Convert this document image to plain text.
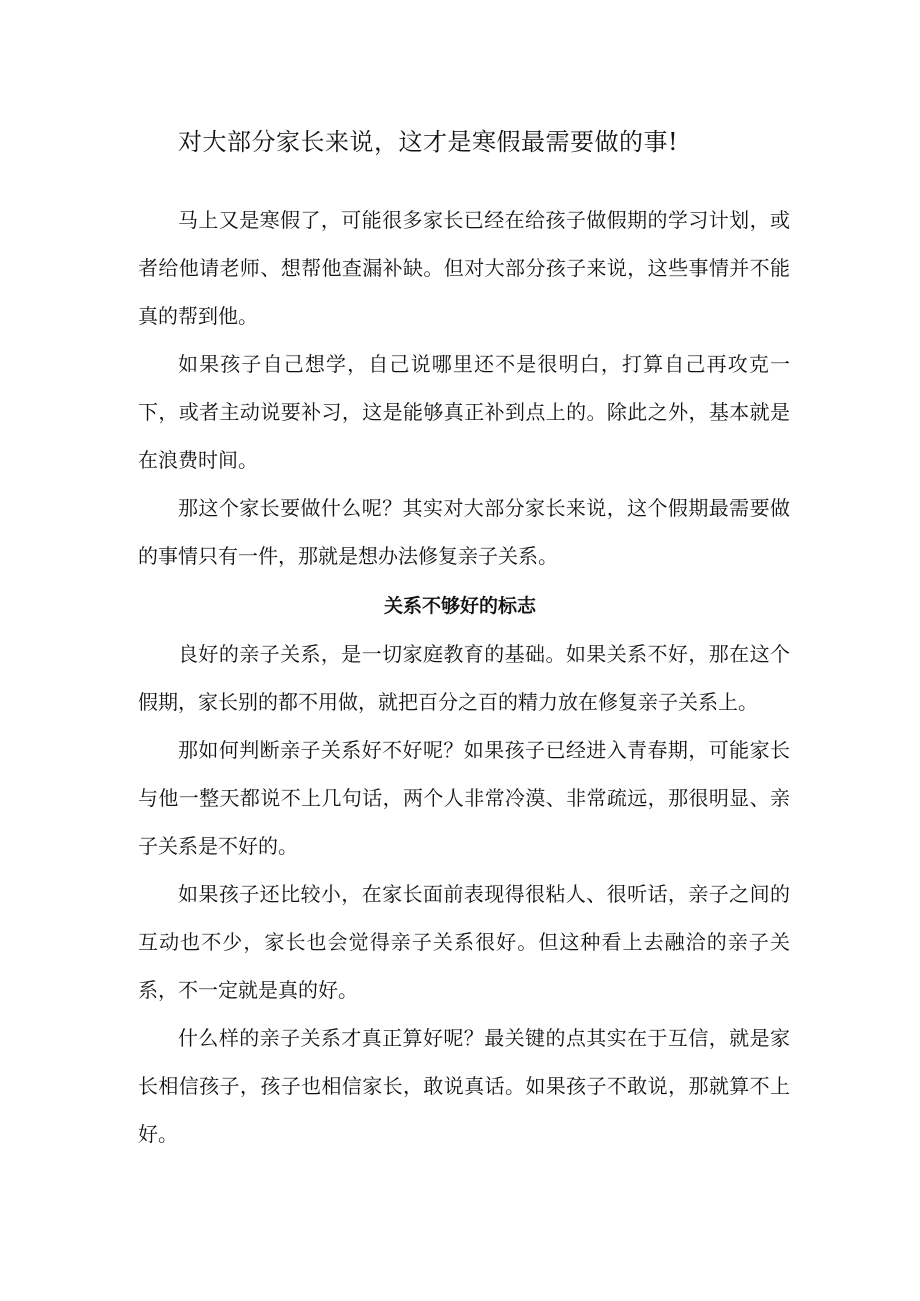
对大部分家长来说，这才是寒假最需要做的事!

马上又是寒假了，可能很多家长已经在给孩子做假期的学习计划，或者给他请老师、想帮他查漏补缺。但对大部分孩子来说，这些事情并不能真的帮到他。

如果孩子自己想学，自己说哪里还不是很明白，打算自己再攻克一下，或者主动说要补习，这是能够真正补到点上的。除此之外，基本就是在浪费时间。

那这个家长要做什么呢？其实对大部分家长来说，这个假期最需要做的事情只有一件，那就是想办法修复亲子关系。

关系不够好的标志

良好的亲子关系，是一切家庭教育的基础。如果关系不好，那在这个假期，家长别的都不用做，就把百分之百的精力放在修复亲子关系上。

那如何判断亲子关系好不好呢？如果孩子已经进入青春期，可能家长与他一整天都说不上几句话，两个人非常冷漠、非常疏远，那很明显、亲子关系是不好的。

如果孩子还比较小，在家长面前表现得很粘人、很听话，亲子之间的互动也不少，家长也会觉得亲子关系很好。但这种看上去融洽的亲子关系，不一定就是真的好。

什么样的亲子关系才真正算好呢？最关键的点其实在于互信，就是家长相信孩子，孩子也相信家长，敢说真话。如果孩子不敢说，那就算不上好。
